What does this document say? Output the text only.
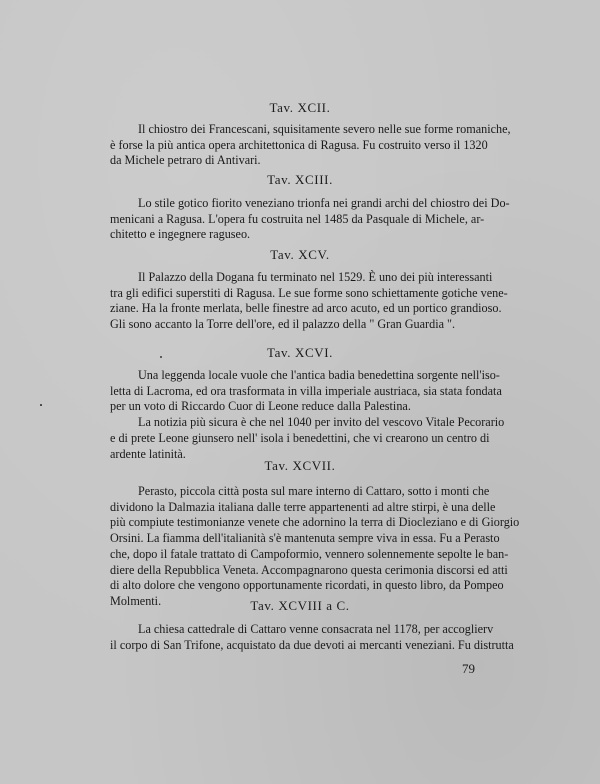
Tav. XCII.
Il chiostro dei Francescani, squisitamente severo nelle sue forme romaniche,
è forse la più antica opera architettonica di Ragusa. Fu costruito verso il 1320
da Michele petraro di Antivari.
Tav. XCIII.
Lo stile gotico fiorito veneziano trionfa nei grandi archi del chiostro dei Do-
menicani a Ragusa. L'opera fu costruita nel 1485 da Pasquale di Michele, ar-
chitetto e ingegnere raguseo.
Tav. XCV.
Il Palazzo della Dogana fu terminato nel 1529. È uno dei più interessanti
tra gli edifici superstiti di Ragusa. Le sue forme sono schiettamente gotiche vene-
ziane. Ha la fronte merlata, belle finestre ad arco acuto, ed un portico grandioso.
Gli sono accanto la Torre dell'ore, ed il palazzo della " Gran Guardia ".
Tav. XCVI.
Una leggenda locale vuole che l'antica badia benedettina sorgente nell'iso-
letta di Lacroma, ed ora trasformata in villa imperiale austriaca, sia stata fondata
per un voto di Riccardo Cuor di Leone reduce dalla Palestina.
La notizia più sicura è che nel 1040 per invito del vescovo Vitale Pecorario
e di prete Leone giunsero nell' isola i benedettini, che vi crearono un centro di
ardente latinità.
Tav. XCVII.
Perasto, piccola città posta sul mare interno di Cattaro, sotto i monti che
dividono la Dalmazia italiana dalle terre appartenenti ad altre stirpi, è una delle
più compiute testimonianze venete che adornino la terra di Diocleziano e di Giorgio
Orsini. La fiamma dell'italianità s'è mantenuta sempre viva in essa. Fu a Perasto
che, dopo il fatale trattato di Campoformio, vennero solennemente sepolte le ban-
diere della Repubblica Veneta. Accompagnarono questa cerimonia discorsi ed atti
di alto dolore che vengono opportunamente ricordati, in questo libro, da Pompeo
Molmenti.	Tav. XCVIII a C.
La chiesa cattedrale di Cattaro venne consacrata nel 1178, per accoglierv
il corpo di San Trifone, acquistato da due devoti ai mercanti veneziani. Fu distrutta
79
